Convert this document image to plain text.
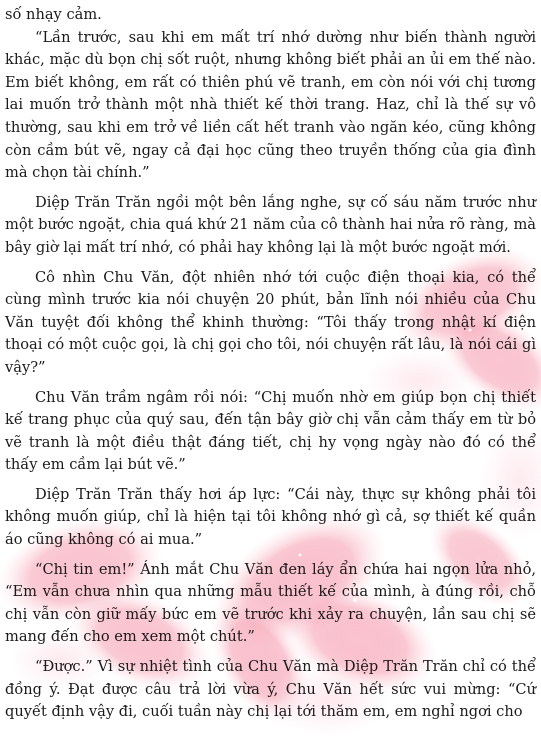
số nhạy cảm.

“Lần trước, sau khi em mất trí nhớ dường như biến thành người khác, mặc dù bọn chị sốt ruột, nhưng không biết phải an ủi em thế nào. Em biết không, em rất có thiên phú vẽ tranh, em còn nói với chị tương lai muốn trở thành một nhà thiết kế thời trang. Haz, chỉ là thế sự vô thường, sau khi em trở về liền cất hết tranh vào ngăn kéo, cũng không còn cầm bút vẽ, ngay cả đại học cũng theo truyền thống của gia đình mà chọn tài chính.”

Diệp Trăn Trăn ngồi một bên lắng nghe, sự cố sáu năm trước như một bước ngoặt, chia quá khứ 21 năm của cô thành hai nửa rõ ràng, mà bây giờ lại mất trí nhớ, có phải hay không lại là một bước ngoặt mới.

Cô nhìn Chu Văn, đột nhiên nhớ tới cuộc điện thoại kia, có thể cùng mình trước kia nói chuyện 20 phút, bản lĩnh nói nhiều của Chu Văn tuyệt đối không thể khinh thường: “Tôi thấy trong nhật kí điện thoại có một cuộc gọi, là chị gọi cho tôi, nói chuyện rất lâu, là nói cái gì vậy?”

Chu Văn trầm ngâm rồi nói: “Chị muốn nhờ em giúp bọn chị thiết kế trang phục của quý sau, đến tận bây giờ chị vẫn cảm thấy em từ bỏ vẽ tranh là một điều thật đáng tiết, chị hy vọng ngày nào đó có thể thấy em cầm lại bút vẽ.”

Diệp Trăn Trăn thấy hơi áp lực: “Cái này, thực sự không phải tôi không muốn giúp, chỉ là hiện tại tôi không nhớ gì cả, sợ thiết kế quần áo cũng không có ai mua.”

“Chị tin em!” Ánh mắt Chu Văn đen láy ẩn chứa hai ngọn lửa nhỏ, “Em vẫn chưa nhìn qua những mẫu thiết kế của mình, à đúng rồi, chỗ chị vẫn còn giữ mấy bức em vẽ trước khi xảy ra chuyện, lần sau chị sẽ mang đến cho em xem một chút.”

“Được.” Vì sự nhiệt tình của Chu Văn mà Diệp Trăn Trăn chỉ có thể đồng ý. Đạt được câu trả lời vừa ý, Chu Văn hết sức vui mừng: “Cứ quyết định vậy đi, cuối tuần này chị lại tới thăm em, em nghỉ ngơi cho
